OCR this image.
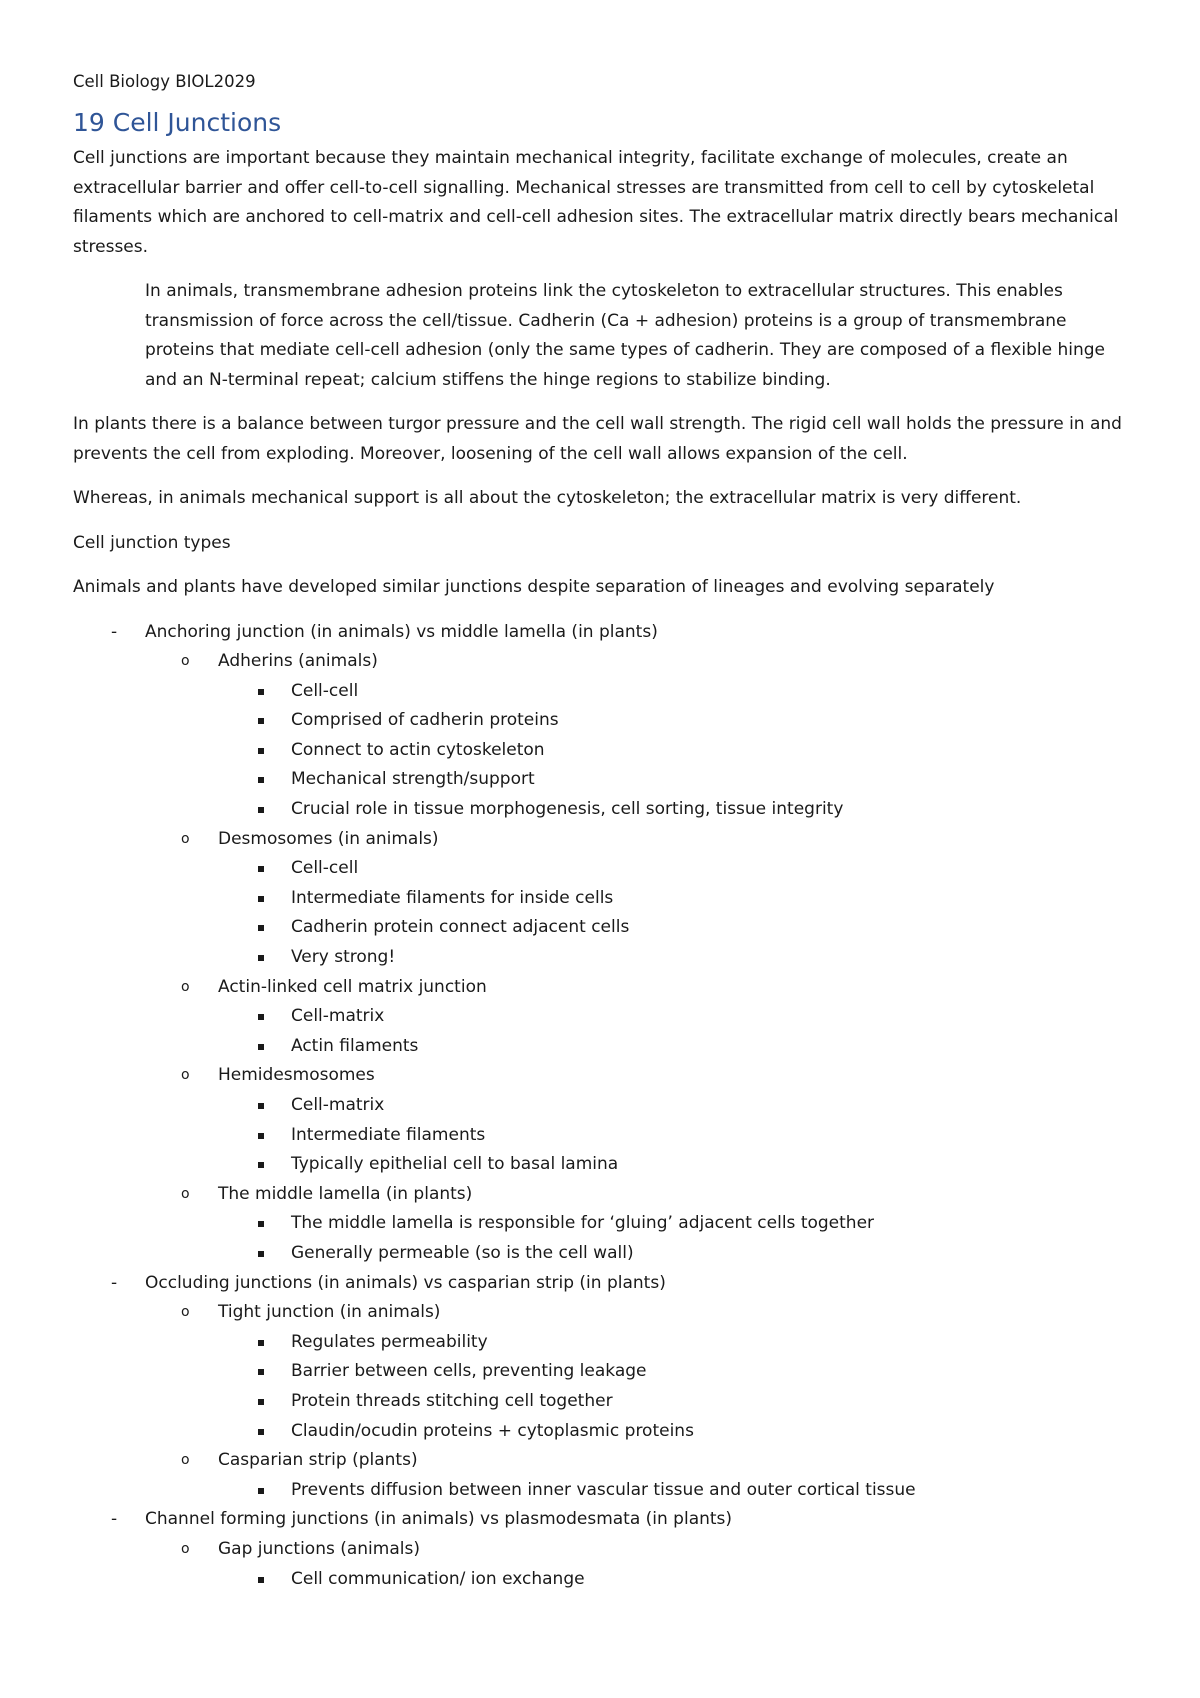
Cell Biology BIOL2029
19 Cell Junctions

Cell junctions are important because they maintain mechanical integrity, facilitate exchange of molecules, create an extracellular barrier and offer cell-to-cell signalling. Mechanical stresses are transmitted from cell to cell by cytoskeletal filaments which are anchored to cell-matrix and cell-cell adhesion sites. The extracellular matrix directly bears mechanical stresses.

In animals, transmembrane adhesion proteins link the cytoskeleton to extracellular structures. This enables transmission of force across the cell/tissue. Cadherin (Ca + adhesion) proteins is a group of transmembrane proteins that mediate cell-cell adhesion (only the same types of cadherin. They are composed of a flexible hinge and an N-terminal repeat; calcium stiffens the hinge regions to stabilize binding.

In plants there is a balance between turgor pressure and the cell wall strength. The rigid cell wall holds the pressure in and prevents the cell from exploding. Moreover, loosening of the cell wall allows expansion of the cell.

Whereas, in animals mechanical support is all about the cytoskeleton; the extracellular matrix is very different.

Cell junction types

Animals and plants have developed similar junctions despite separation of lineages and evolving separately

- Anchoring junction (in animals) vs middle lamella (in plants)
o Adherins (animals)
Cell-cell
Comprised of cadherin proteins
Connect to actin cytoskeleton
Mechanical strength/support
Crucial role in tissue morphogenesis, cell sorting, tissue integrity
o Desmosomes (in animals)
Cell-cell
Intermediate filaments for inside cells
Cadherin protein connect adjacent cells
Very strong!
o Actin-linked cell matrix junction
Cell-matrix
Actin filaments
o Hemidesmosomes
Cell-matrix
Intermediate filaments
Typically epithelial cell to basal lamina
o The middle lamella (in plants)
The middle lamella is responsible for ‘gluing’ adjacent cells together
Generally permeable (so is the cell wall)
- Occluding junctions (in animals) vs casparian strip (in plants)
o Tight junction (in animals)
Regulates permeability
Barrier between cells, preventing leakage
Protein threads stitching cell together
Claudin/ocudin proteins + cytoplasmic proteins
o Casparian strip (plants)
Prevents diffusion between inner vascular tissue and outer cortical tissue
- Channel forming junctions (in animals) vs plasmodesmata (in plants)
o Gap junctions (animals)
Cell communication/ ion exchange
